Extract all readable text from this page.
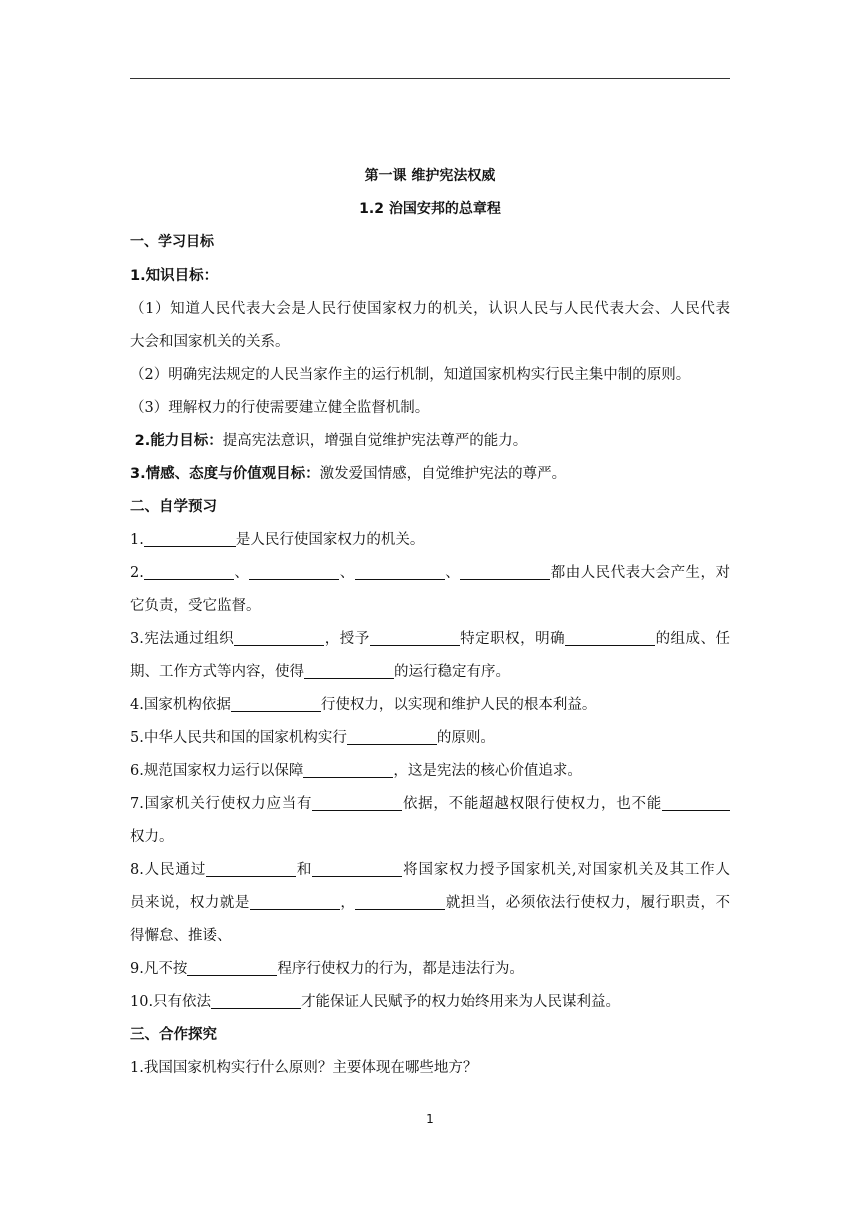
第一课 维护宪法权威
1.2 治国安邦的总章程
一、学习目标

1.知识目标：

（1）知道人民代表大会是人民行使国家权力的机关，认识人民与人民代表大会、人民代表

大会和国家机关的关系。

（2）明确宪法规定的人民当家作主的运行机制，知道国家机构实行民主集中制的原则。

（3）理解权力的行使需要建立健全监督机制。

2.能力目标：提高宪法意识，增强自觉维护宪法尊严的能力。

3.情感、态度与价值观目标：激发爱国情感，自觉维护宪法的尊严。

二、自学预习

1.	是人民行使国家权力的机关。

2.	、	、	、	都由人民代表大会产生，对

它负责，受它监督。

3.宪法通过组织	，授予	特定职权，明确	的组成、任

期、工作方式等内容，使得	的运行稳定有序。

4.国家机构依据	行使权力，以实现和维护人民的根本利益。

5.中华人民共和国的国家机构实行	的原则。

6.规范国家权力运行以保障	，这是宪法的核心价值追求。

7.国家机关行使权力应当有	依据，不能超越权限行使权力，也不能

权力。

8.人民通过	和	将国家权力授予国家机关,对国家机关及其工作人

员来说，权力就是	，	就担当，必须依法行使权力，履行职责，不

得懈怠、推诿、

9.凡不按	程序行使权力的行为，都是违法行为。

10.只有依法	才能保证人民赋予的权力始终用来为人民谋利益。

三、合作探究

1.我国国家机构实行什么原则？主要体现在哪些地方？

1
